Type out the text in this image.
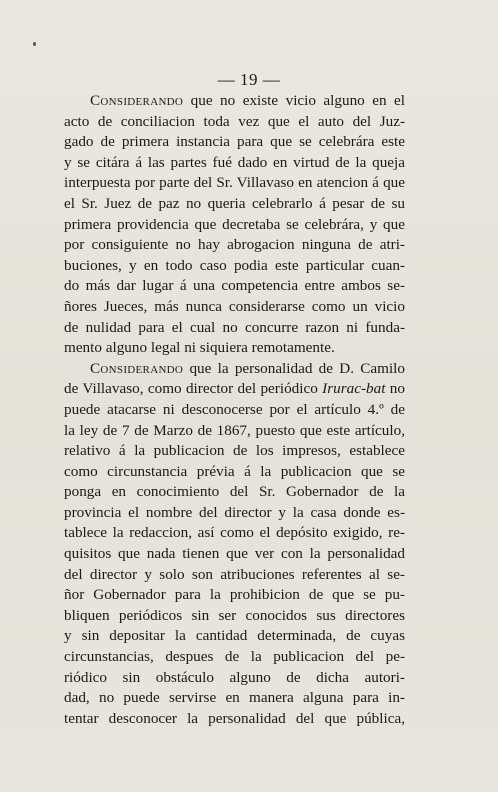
— 19 —
Considerando que no existe vicio alguno en el
acto de conciliacion toda vez que el auto del Juz-
gado de primera instancia para que se celebrára este
y se citára á las partes fué dado en virtud de la queja
interpuesta por parte del Sr. Villavaso en atencion á que
el Sr. Juez de paz no queria celebrarlo á pesar de su
primera providencia que decretaba se celebrára, y que
por consiguiente no hay abrogacion ninguna de atri-
buciones, y en todo caso podia este particular cuan-
do más dar lugar á una competencia entre ambos se-
ñores Jueces, más nunca considerarse como un vicio
de nulidad para el cual no concurre razon ni funda-
mento alguno legal ni siquiera remotamente.
Considerando que la personalidad de D. Camilo
de Villavaso, como director del periódico Irurac-bat no
puede atacarse ni desconocerse por el artículo 4.º de
la ley de 7 de Marzo de 1867, puesto que este artículo,
relativo á la publicacion de los impresos, establece
como circunstancia prévia á la publicacion que se
ponga en conocimiento del Sr. Gobernador de la
provincia el nombre del director y la casa donde es-
tablece la redaccion, así como el depósito exigido, re-
quisitos que nada tienen que ver con la personalidad
del director y solo son atribuciones referentes al se-
ñor Gobernador para la prohibicion de que se pu-
bliquen periódicos sin ser conocidos sus directores
y sin depositar la cantidad determinada, de cuyas
circunstancias, despues de la publicacion del pe-
riódico sin obstáculo alguno de dicha autori-
dad, no puede servirse en manera alguna para in-
tentar desconocer la personalidad del que pública,
